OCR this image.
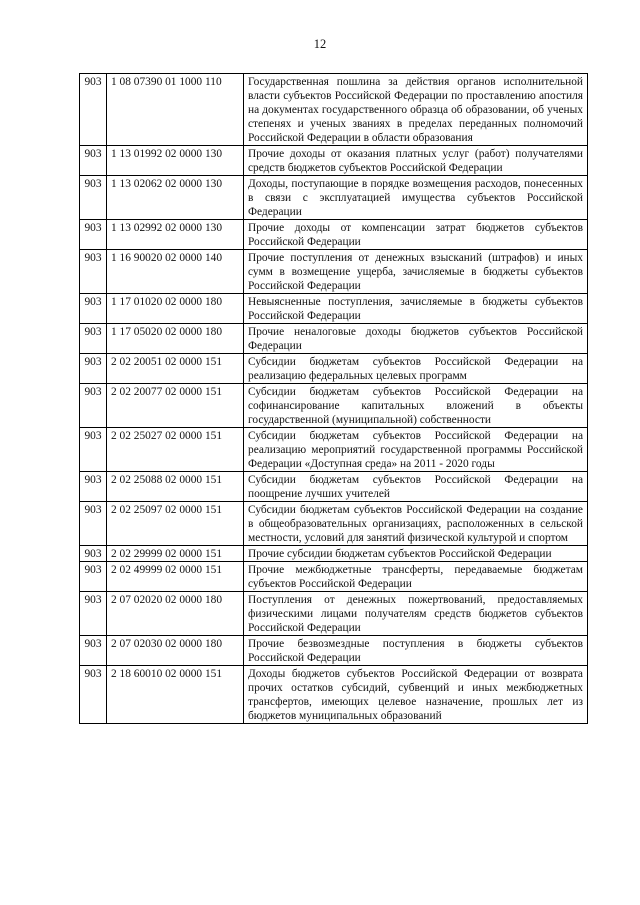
12
903	1 08 07390 01 1000 110	Государственная пошлина за действия органов исполнительной власти субъектов Российской Федерации по проставлению апостиля на документах государственного образца об образовании, об ученых степенях и ученых званиях в пределах переданных полномочий Российской Федерации в области образования
903	1 13 01992 02 0000 130	Прочие доходы от оказания платных услуг (работ) получателями средств бюджетов субъектов Российской Федерации
903	1 13 02062 02 0000 130	Доходы, поступающие в порядке возмещения расходов, понесенных в связи с эксплуатацией имущества субъектов Российской Федерации
903	1 13 02992 02 0000 130	Прочие доходы от компенсации затрат бюджетов субъектов Российской Федерации
903	1 16 90020 02 0000 140	Прочие поступления от денежных взысканий (штрафов) и иных сумм в возмещение ущерба, зачисляемые в бюджеты субъектов Российской Федерации
903	1 17 01020 02 0000 180	Невыясненные поступления, зачисляемые в бюджеты субъектов Российской Федерации
903	1 17 05020 02 0000 180	Прочие неналоговые доходы бюджетов субъектов Российской Федерации
903	2 02 20051 02 0000 151	Субсидии бюджетам субъектов Российской Федерации на реализацию федеральных целевых программ
903	2 02 20077 02 0000 151	Субсидии бюджетам субъектов Российской Федерации на софинансирование капитальных вложений в объекты государственной (муниципальной) собственности
903	2 02 25027 02 0000 151	Субсидии бюджетам субъектов Российской Федерации на реализацию мероприятий государственной программы Российской Федерации «Доступная среда» на 2011 - 2020 годы
903	2 02 25088 02 0000 151	Субсидии бюджетам субъектов Российской Федерации на поощрение лучших учителей
903	2 02 25097 02 0000 151	Субсидии бюджетам субъектов Российской Федерации на создание в общеобразовательных организациях, расположенных в сельской местности, условий для занятий физической культурой и спортом
903	2 02 29999 02 0000 151	Прочие субсидии бюджетам субъектов Российской Федерации
903	2 02 49999 02 0000 151	Прочие межбюджетные трансферты, передаваемые бюджетам субъектов Российской Федерации
903	2 07 02020 02 0000 180	Поступления от денежных пожертвований, предоставляемых физическими лицами получателям средств бюджетов субъектов Российской Федерации
903	2 07 02030 02 0000 180	Прочие безвозмездные поступления в бюджеты субъектов Российской Федерации
903	2 18 60010 02 0000 151	Доходы бюджетов субъектов Российской Федерации от возврата прочих остатков субсидий, субвенций и иных межбюджетных трансфертов, имеющих целевое назначение, прошлых лет из бюджетов муниципальных образований
